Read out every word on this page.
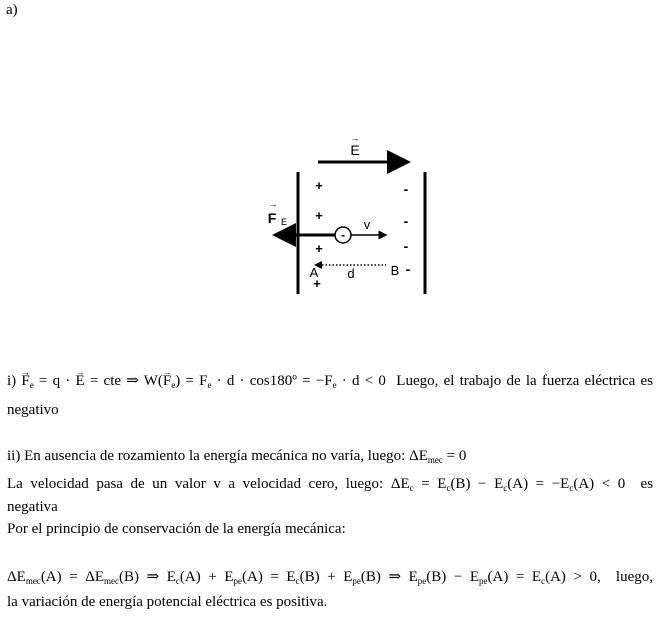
a)
E
→
+
+
+
+
-
-
-
-
→
F E
-
v
A	B
d
$i) \to F_e = q$ · → E = cte ⇒ $W(\to F_e) = F_e \cdot d$ · cos180º = $-F_e \cdot d < 0$ Luego, el trabajo de la fuerza eléctrica es
negativo
ii) En ausencia de rozamiento la energía mecánica no varía, luego: $\Delta E_{mec} = 0$
La velocidad pasa de un valor v a velocidad cero, luego: $\Delta E_c = E_c(B) - E_c(A) = -E_c(A) < 0$ es
negativa
Por el principio de conservación de la energía mecánica:
$\Delta E_{mec}(A) = \Delta E_{mec}(B)$ ⇒ $E_c(A) + E_{pe}(A) = E_c(B) + E_{pe}(B)$ ⇒ $E_{pe}(B) - E_{pe}(A) = E_c(A) > 0$, luego,
la variación de energía potencial eléctrica es positiva.
